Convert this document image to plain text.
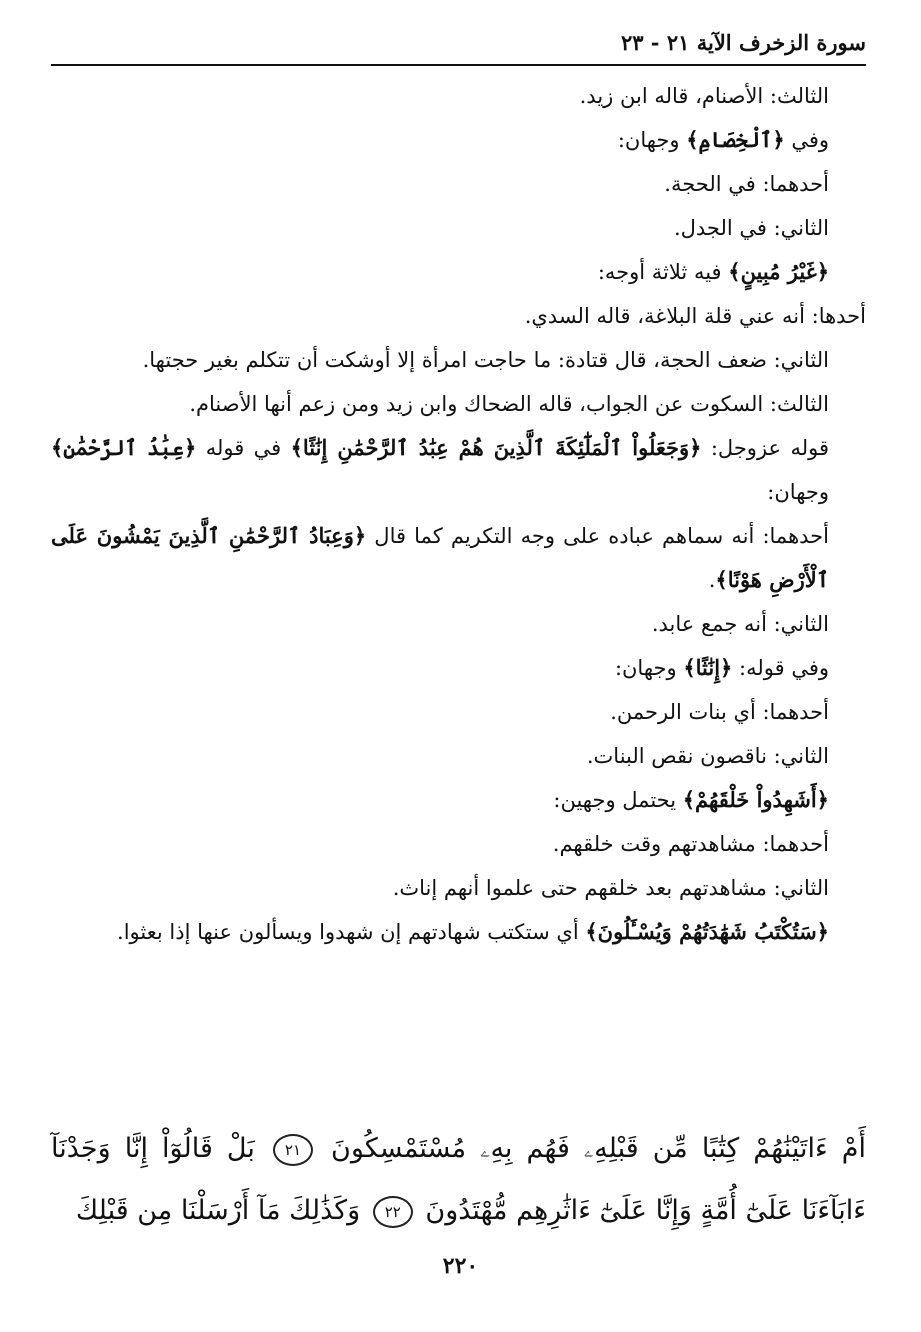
سورة الزخرف الآية ٢١ - ٢٣

الثالث: الأصنام، قاله ابن زيد.

وفي ﴿ٱلْخِصَامِ﴾ وجهان:

أحدهما: في الحجة.

الثاني: في الجدل.

﴿غَيْرُ مُبِينٍ﴾ فيه ثلاثة أوجه:

أحدها: أنه عني قلة البلاغة، قاله السدي.

الثاني: ضعف الحجة، قال قتادة: ما حاجت امرأة إلا أوشكت أن تتكلم بغير حجتها.

الثالث: السكوت عن الجواب، قاله الضحاك وابن زيد ومن زعم أنها الأصنام.

قوله عزوجل: ﴿وَجَعَلُواْ ٱلْمَلَٰٓئِكَةَ ٱلَّذِينَ هُمْ عِبَٰدُ ٱلرَّحْمَٰنِ إِنَٰثًا﴾ في قوله ﴿عِبَٰدُ ٱلرَّحْمَٰنِ﴾ وجهان:

أحدهما: أنه سماهم عباده على وجه التكريم كما قال ﴿وَعِبَادُ ٱلرَّحْمَٰنِ ٱلَّذِينَ يَمْشُونَ عَلَى ٱلْأَرْضِ هَوْنًا﴾.

الثاني: أنه جمع عابد.

وفي قوله: ﴿إِنَٰثًا﴾ وجهان:

أحدهما: أي بنات الرحمن.

الثاني: ناقصون نقص البنات.

﴿أَشَهِدُواْ خَلْقَهُمْ﴾ يحتمل وجهين:

أحدهما: مشاهدتهم وقت خلقهم.

الثاني: مشاهدتهم بعد خلقهم حتى علموا أنهم إناث.

﴿سَتُكْتَبُ شَهَٰدَتُهُمْ وَيُسْـَٔلُونَ﴾ أي ستكتب شهادتهم إن شهدوا ويسألون عنها إذا بعثوا.

أَمْ ءَاتَيْنَٰهُمْ كِتَٰبًا مِّن قَبْلِهِۦ فَهُم بِهِۦ مُسْتَمْسِكُونَ ٢١ بَلْ قَالُوٓاْ إِنَّا وَجَدْنَآ ءَابَآءَنَا عَلَىٰٓ أُمَّةٍ وَإِنَّا عَلَىٰٓ ءَاثَٰرِهِم مُّهْتَدُونَ ٢٢ وَكَذَٰلِكَ مَآ أَرْسَلْنَا مِن قَبْلِكَ
٢٢٠
